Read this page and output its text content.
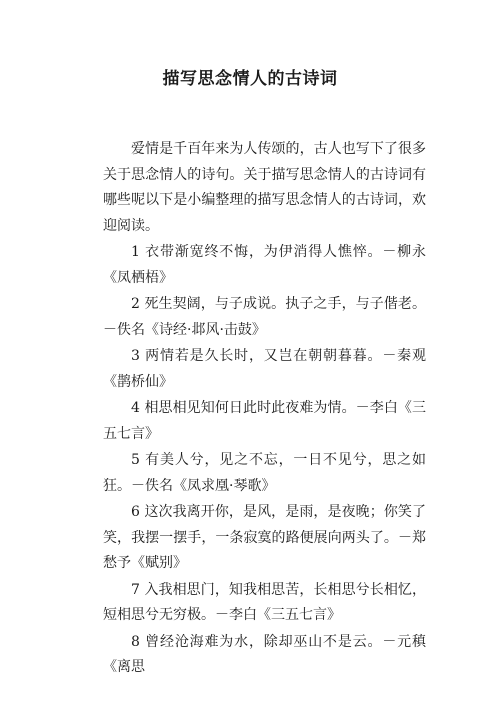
描写思念情人的古诗词

爱情是千百年来为人传颂的，古人也写下了很多关于思念情人的诗句。关于描写思念情人的古诗词有哪些呢以下是小编整理的描写思念情人的古诗词，欢迎阅读。

1 衣带渐宽终不悔，为伊消得人憔悴。－柳永《凤栖梧》

2 死生契阔，与子成说。执子之手，与子偕老。－佚名《诗经·邶风·击鼓》

3 两情若是久长时，又岂在朝朝暮暮。－秦观《鹊桥仙》

4 相思相见知何日此时此夜难为情。－李白《三五七言》

5 有美人兮，见之不忘，一日不见兮，思之如狂。－佚名《凤求凰·琴歌》

6 这次我离开你，是风，是雨，是夜晚；你笑了笑，我摆一摆手，一条寂寞的路便展向两头了。－郑愁予《赋别》

7 入我相思门，知我相思苦，长相思兮长相忆，短相思兮无穷极。－李白《三五七言》

8 曾经沧海难为水，除却巫山不是云。－元稹《离思
